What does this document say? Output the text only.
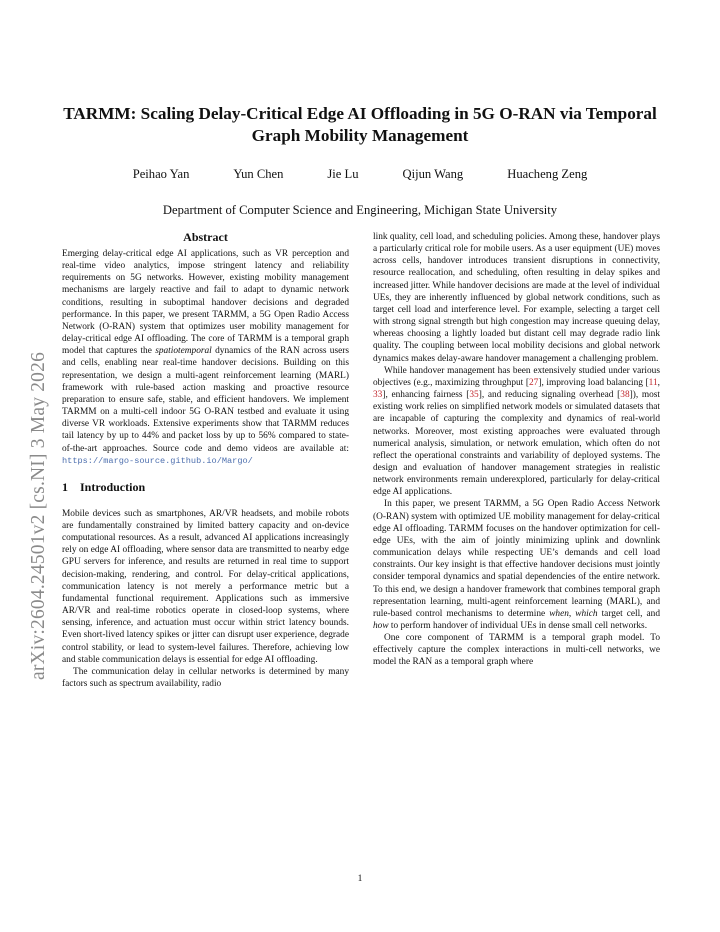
arXiv:2604.24501v2 [cs.NI] 3 May 2026
TARMM: Scaling Delay-Critical Edge AI Offloading in 5G O-RAN via Temporal
Graph Mobility Management
Peihao Yan	Yun Chen	Jie Lu	Qijun Wang	Huacheng Zeng
Department of Computer Science and Engineering, Michigan State University
Abstract

Emerging delay-critical edge AI applications, such as VR perception and real-time video analytics, impose stringent latency and reliability requirements on 5G networks. However, existing mobility management mechanisms are largely reactive and fail to adapt to dynamic network conditions, resulting in suboptimal handover decisions and degraded performance. In this paper, we present TARMM, a 5G Open Radio Access Network (O-RAN) system that optimizes user mobility management for delay-critical edge AI offloading. The core of TARMM is a temporal graph model that captures the spatiotemporal dynamics of the RAN across users and cells, enabling near real-time handover decisions. Building on this representation, we design a multi-agent reinforcement learning (MARL) framework with rule-based action masking and proactive resource preparation to ensure safe, stable, and efficient handovers. We implement TARMM on a multi-cell indoor 5G O-RAN testbed and evaluate it using diverse VR workloads. Extensive experiments show that TARMM reduces tail latency by up to 44% and packet loss by up to 56% compared to state-of-the-art approaches. Source code and demo videos are available at: https://margo-source.github.io/Margo/

1 Introduction

Mobile devices such as smartphones, AR/VR headsets, and mobile robots are fundamentally constrained by limited battery capacity and on-device computational resources. As a result, advanced AI applications increasingly rely on edge AI offloading, where sensor data are transmitted to nearby edge GPU servers for inference, and results are returned in real time to support decision-making, rendering, and control. For delay-critical applications, communication latency is not merely a performance metric but a fundamental functional requirement. Applications such as immersive AR/VR and real-time robotics operate in closed-loop systems, where sensing, inference, and actuation must occur within strict latency bounds. Even short-lived latency spikes or jitter can disrupt user experience, degrade control stability, or lead to system-level failures. Therefore, achieving low and stable communication delays is essential for edge AI offloading.

The communication delay in cellular networks is determined by many factors such as spectrum availability, radio

link quality, cell load, and scheduling policies. Among these, handover plays a particularly critical role for mobile users. As a user equipment (UE) moves across cells, handover introduces transient disruptions in connectivity, resource reallocation, and scheduling, often resulting in delay spikes and increased jitter. While handover decisions are made at the level of individual UEs, they are inherently influenced by global network conditions, such as target cell load and interference level. For example, selecting a target cell with strong signal strength but high congestion may increase queuing delay, whereas choosing a lightly loaded but distant cell may degrade radio link quality. The coupling between local mobility decisions and global network dynamics makes delay-aware handover management a challenging problem.

While handover management has been extensively studied under various objectives (e.g., maximizing throughput [27], improving load balancing [11, 33], enhancing fairness [35], and reducing signaling overhead [38]), most existing work relies on simplified network models or simulated datasets that are incapable of capturing the complexity and dynamics of real-world networks. Moreover, most existing approaches were evaluated through numerical analysis, simulation, or network emulation, which often do not reflect the operational constraints and variability of deployed systems. The design and evaluation of handover management strategies in realistic network environments remain underexplored, particularly for delay-critical edge AI applications.

In this paper, we present TARMM, a 5G Open Radio Access Network (O-RAN) system with optimized UE mobility management for delay-critical edge AI offloading. TARMM focuses on the handover optimization for cell-edge UEs, with the aim of jointly minimizing uplink and downlink communication delays while respecting UE’s demands and cell load constraints. Our key insight is that effective handover decisions must jointly consider temporal dynamics and spatial dependencies of the entire network. To this end, we design a handover framework that combines temporal graph representation learning, multi-agent reinforcement learning (MARL), and rule-based control mechanisms to determine when, which target cell, and how to perform handover of individual UEs in dense small cell networks.

One core component of TARMM is a temporal graph model. To effectively capture the complex interactions in multi-cell networks, we model the RAN as a temporal graph where

1
